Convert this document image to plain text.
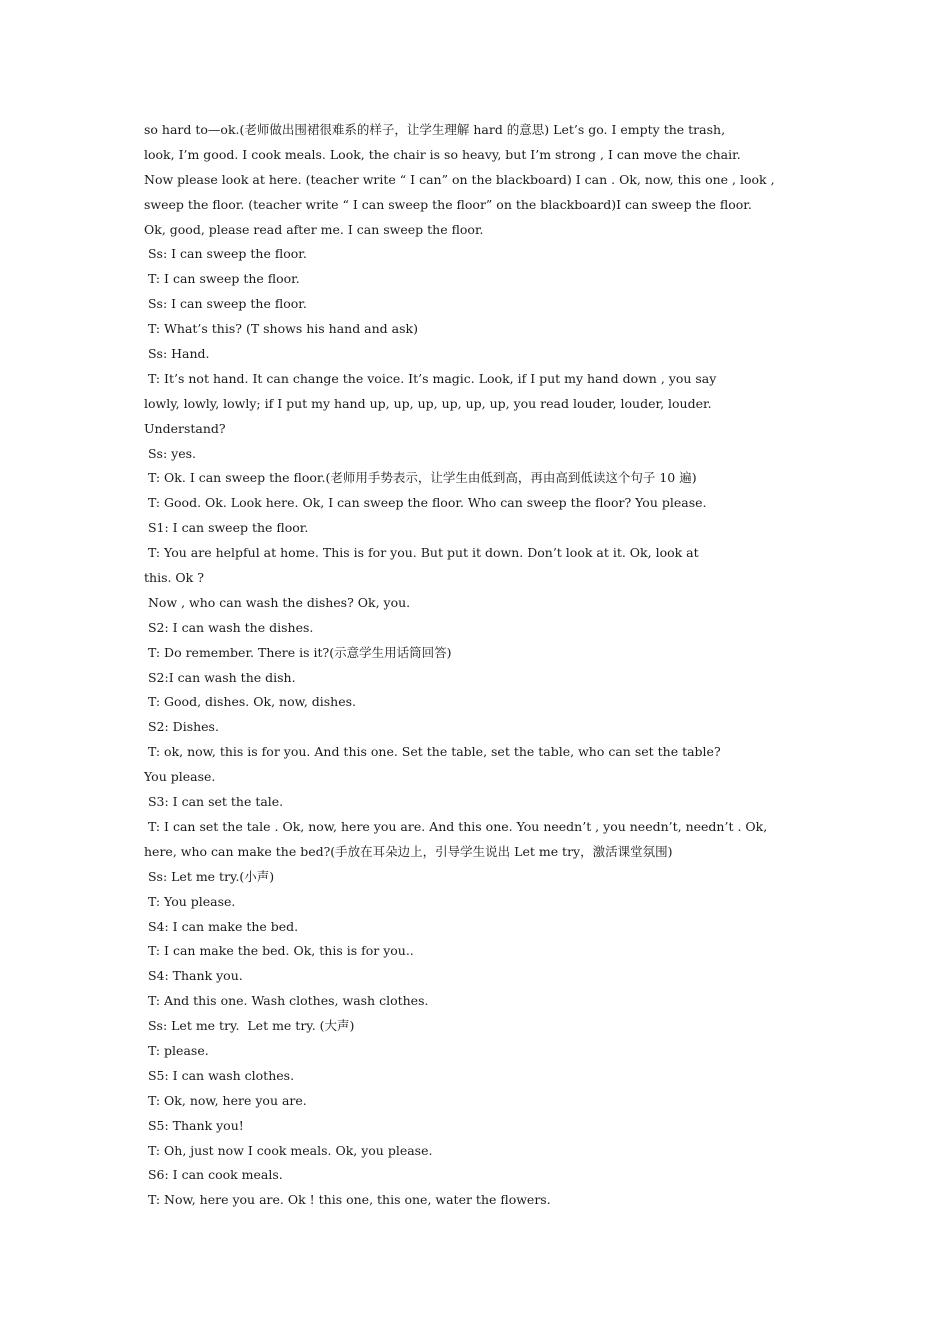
so hard to—ok.(老师做出围裙很难系的样子，让学生理解 hard 的意思) Let’s go. I empty the trash,
look, I’m good. I cook meals. Look, the chair is so heavy, but I’m strong , I can move the chair.
Now please look at here. (teacher write “ I can” on the blackboard) I can . Ok, now, this one , look ,
sweep the floor. (teacher write “ I can sweep the floor” on the blackboard)I can sweep the floor.
Ok, good, please read after me. I can sweep the floor.
Ss: I can sweep the floor.
T: I can sweep the floor.
Ss: I can sweep the floor.
T: What’s this? (T shows his hand and ask)
Ss: Hand.
T: It’s not hand. It can change the voice. It’s magic. Look, if I put my hand down , you say
lowly, lowly, lowly; if I put my hand up, up, up, up, up, up, you read louder, louder, louder.
Understand?
Ss: yes.
T: Ok. I can sweep the floor.(老师用手势表示，让学生由低到高，再由高到低读这个句子 10 遍)
T: Good. Ok. Look here. Ok, I can sweep the floor. Who can sweep the floor? You please.
S1: I can sweep the floor.
T: You are helpful at home. This is for you. But put it down. Don’t look at it. Ok, look at
this. Ok ?
Now , who can wash the dishes? Ok, you.
S2: I can wash the dishes.
T: Do remember. There is it?(示意学生用话筒回答)
S2:I can wash the dish.
T: Good, dishes. Ok, now, dishes.
S2: Dishes.
T: ok, now, this is for you. And this one. Set the table, set the table, who can set the table?
You please.
S3: I can set the tale.
T: I can set the tale . Ok, now, here you are. And this one. You needn’t , you needn’t, needn’t . Ok,
here, who can make the bed?(手放在耳朵边上，引导学生说出 Let me try，激活课堂氛围)
Ss: Let me try.(小声)
T: You please.
S4: I can make the bed.
T: I can make the bed. Ok, this is for you..
S4: Thank you.
T: And this one. Wash clothes, wash clothes.
Ss: Let me try.  Let me try. (大声)
T: please.
S5: I can wash clothes.
T: Ok, now, here you are.
S5: Thank you!
T: Oh, just now I cook meals. Ok, you please.
S6: I can cook meals.
T: Now, here you are. Ok ! this one, this one, water the flowers.
